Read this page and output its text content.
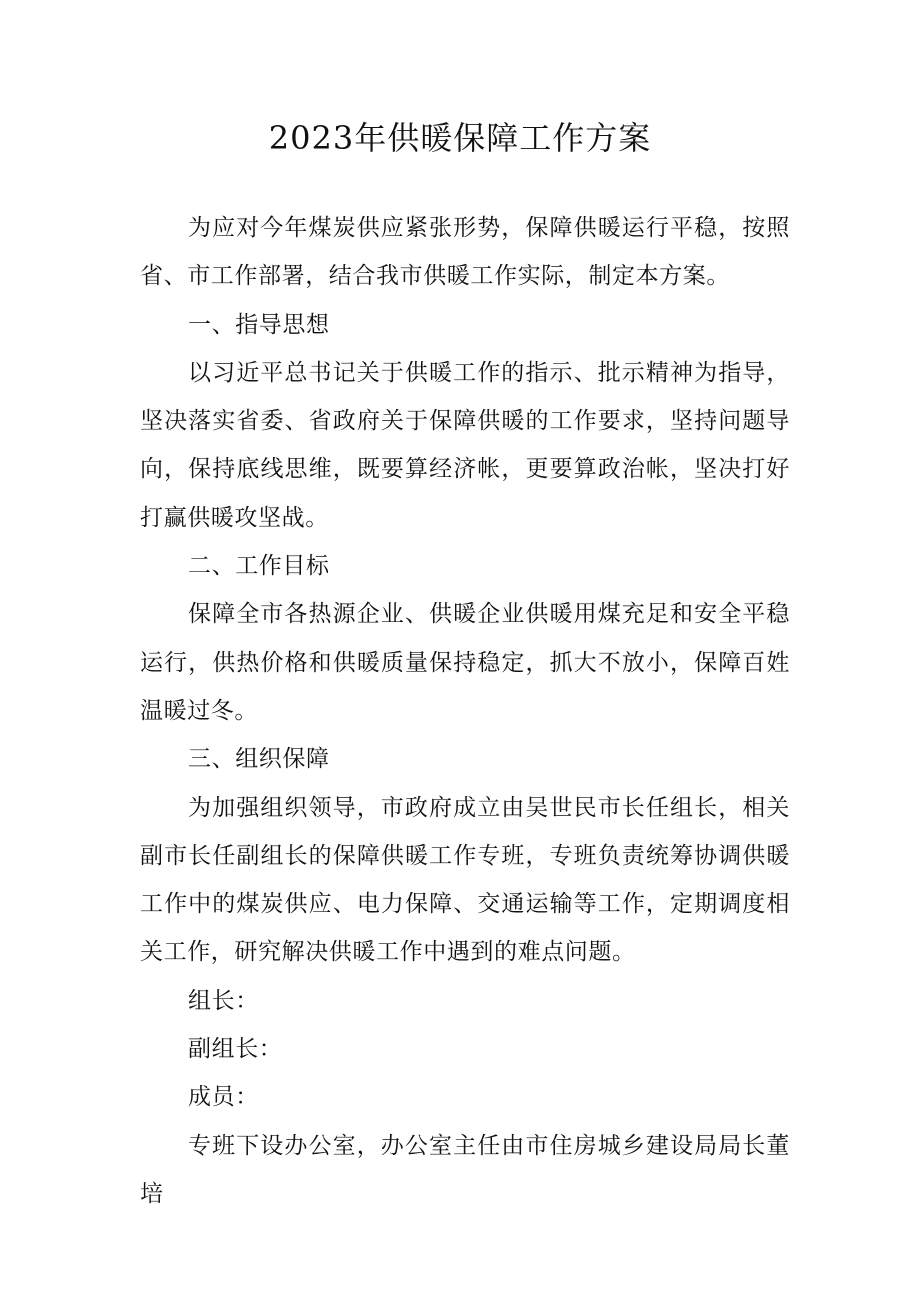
2023年供暖保障工作方案

为应对今年煤炭供应紧张形势，保障供暖运行平稳，按照省、市工作部署，结合我市供暖工作实际，制定本方案。

一、指导思想

以习近平总书记关于供暖工作的指示、批示精神为指导，坚决落实省委、省政府关于保障供暖的工作要求，坚持问题导向，保持底线思维，既要算经济帐，更要算政治帐，坚决打好打赢供暖攻坚战。

二、工作目标

保障全市各热源企业、供暖企业供暖用煤充足和安全平稳运行，供热价格和供暖质量保持稳定，抓大不放小，保障百姓温暖过冬。

三、组织保障

为加强组织领导，市政府成立由吴世民市长任组长，相关副市长任副组长的保障供暖工作专班，专班负责统筹协调供暖工作中的煤炭供应、电力保障、交通运输等工作，定期调度相关工作，研究解决供暖工作中遇到的难点问题。

组长：

副组长：

成员：

专班下设办公室，办公室主任由市住房城乡建设局局长董培
